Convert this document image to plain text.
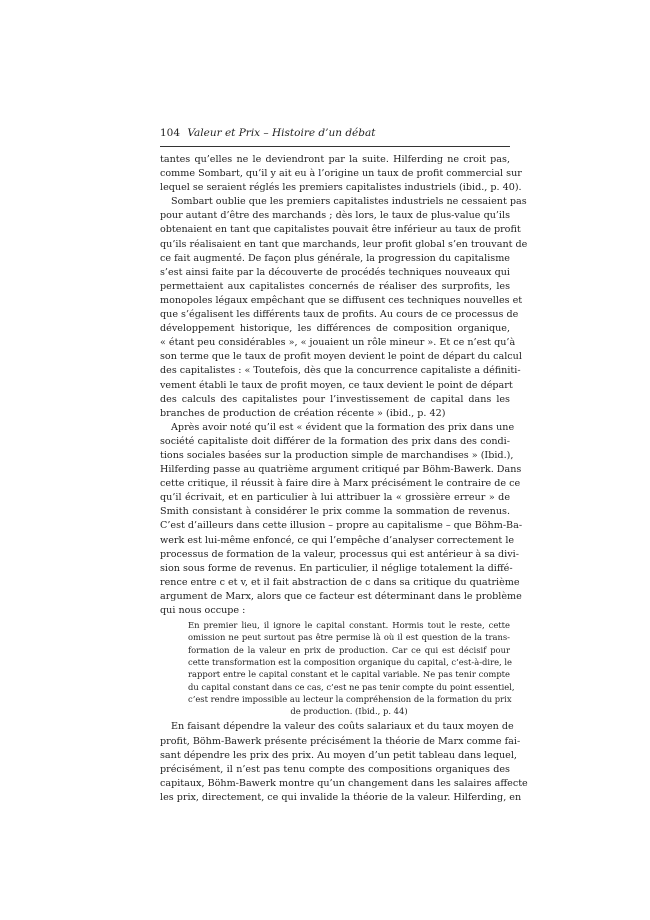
104 Valeur et Prix – Histoire d’un débat
tantes qu’elles ne le deviendront par la suite. Hilferding ne croit pas,
comme Sombart, qu’il y ait eu à l’origine un taux de profit commercial sur
lequel se seraient réglés les premiers capitalistes industriels (ibid., p. 40).
Sombart oublie que les premiers capitalistes industriels ne cessaient pas
pour autant d’être des marchands ; dès lors, le taux de plus-value qu’ils
obtenaient en tant que capitalistes pouvait être inférieur au taux de profit
qu’ils réalisaient en tant que marchands, leur profit global s’en trouvant de
ce fait augmenté. De façon plus générale, la progression du capitalisme
s’est ainsi faite par la découverte de procédés techniques nouveaux qui
permettaient aux capitalistes concernés de réaliser des surprofits, les
monopoles légaux empêchant que se diffusent ces techniques nouvelles et
que s’égalisent les différents taux de profits. Au cours de ce processus de
développement historique, les différences de composition organique,
« étant peu considérables », « jouaient un rôle mineur ». Et ce n’est qu’à
son terme que le taux de profit moyen devient le point de départ du calcul
des capitalistes : « Toutefois, dès que la concurrence capitaliste a définiti-
vement établi le taux de profit moyen, ce taux devient le point de départ
des calculs des capitalistes pour l’investissement de capital dans les
branches de production de création récente » (ibid., p. 42)
Après avoir noté qu’il est « évident que la formation des prix dans une
société capitaliste doit différer de la formation des prix dans des condi-
tions sociales basées sur la production simple de marchandises » (Ibid.),
Hilferding passe au quatrième argument critiqué par Böhm-Bawerk. Dans
cette critique, il réussit à faire dire à Marx précisément le contraire de ce
qu’il écrivait, et en particulier à lui attribuer la « grossière erreur » de
Smith consistant à considérer le prix comme la sommation de revenus.
C’est d’ailleurs dans cette illusion – propre au capitalisme – que Böhm-Ba-
werk est lui-même enfoncé, ce qui l’empêche d’analyser correctement le
processus de formation de la valeur, processus qui est antérieur à sa divi-
sion sous forme de revenus. En particulier, il néglige totalement la diffé-
rence entre c et v, et il fait abstraction de c dans sa critique du quatrième
argument de Marx, alors que ce facteur est déterminant dans le problème
qui nous occupe :
En premier lieu, il ignore le capital constant. Hormis tout le reste, cette
omission ne peut surtout pas être permise là où il est question de la trans-
formation de la valeur en prix de production. Car ce qui est décisif pour
cette transformation est la composition organique du capital, c’est-à-dire, le
rapport entre le capital constant et le capital variable. Ne pas tenir compte
du capital constant dans ce cas, c’est ne pas tenir compte du point essentiel,
c’est rendre impossible au lecteur la compréhension de la formation du prix
de production. (Ibid., p. 44)
En faisant dépendre la valeur des coûts salariaux et du taux moyen de
profit, Böhm-Bawerk présente précisément la théorie de Marx comme fai-
sant dépendre les prix des prix. Au moyen d’un petit tableau dans lequel,
précisément, il n’est pas tenu compte des compositions organiques des
capitaux, Böhm-Bawerk montre qu’un changement dans les salaires affecte
les prix, directement, ce qui invalide la théorie de la valeur. Hilferding, en
